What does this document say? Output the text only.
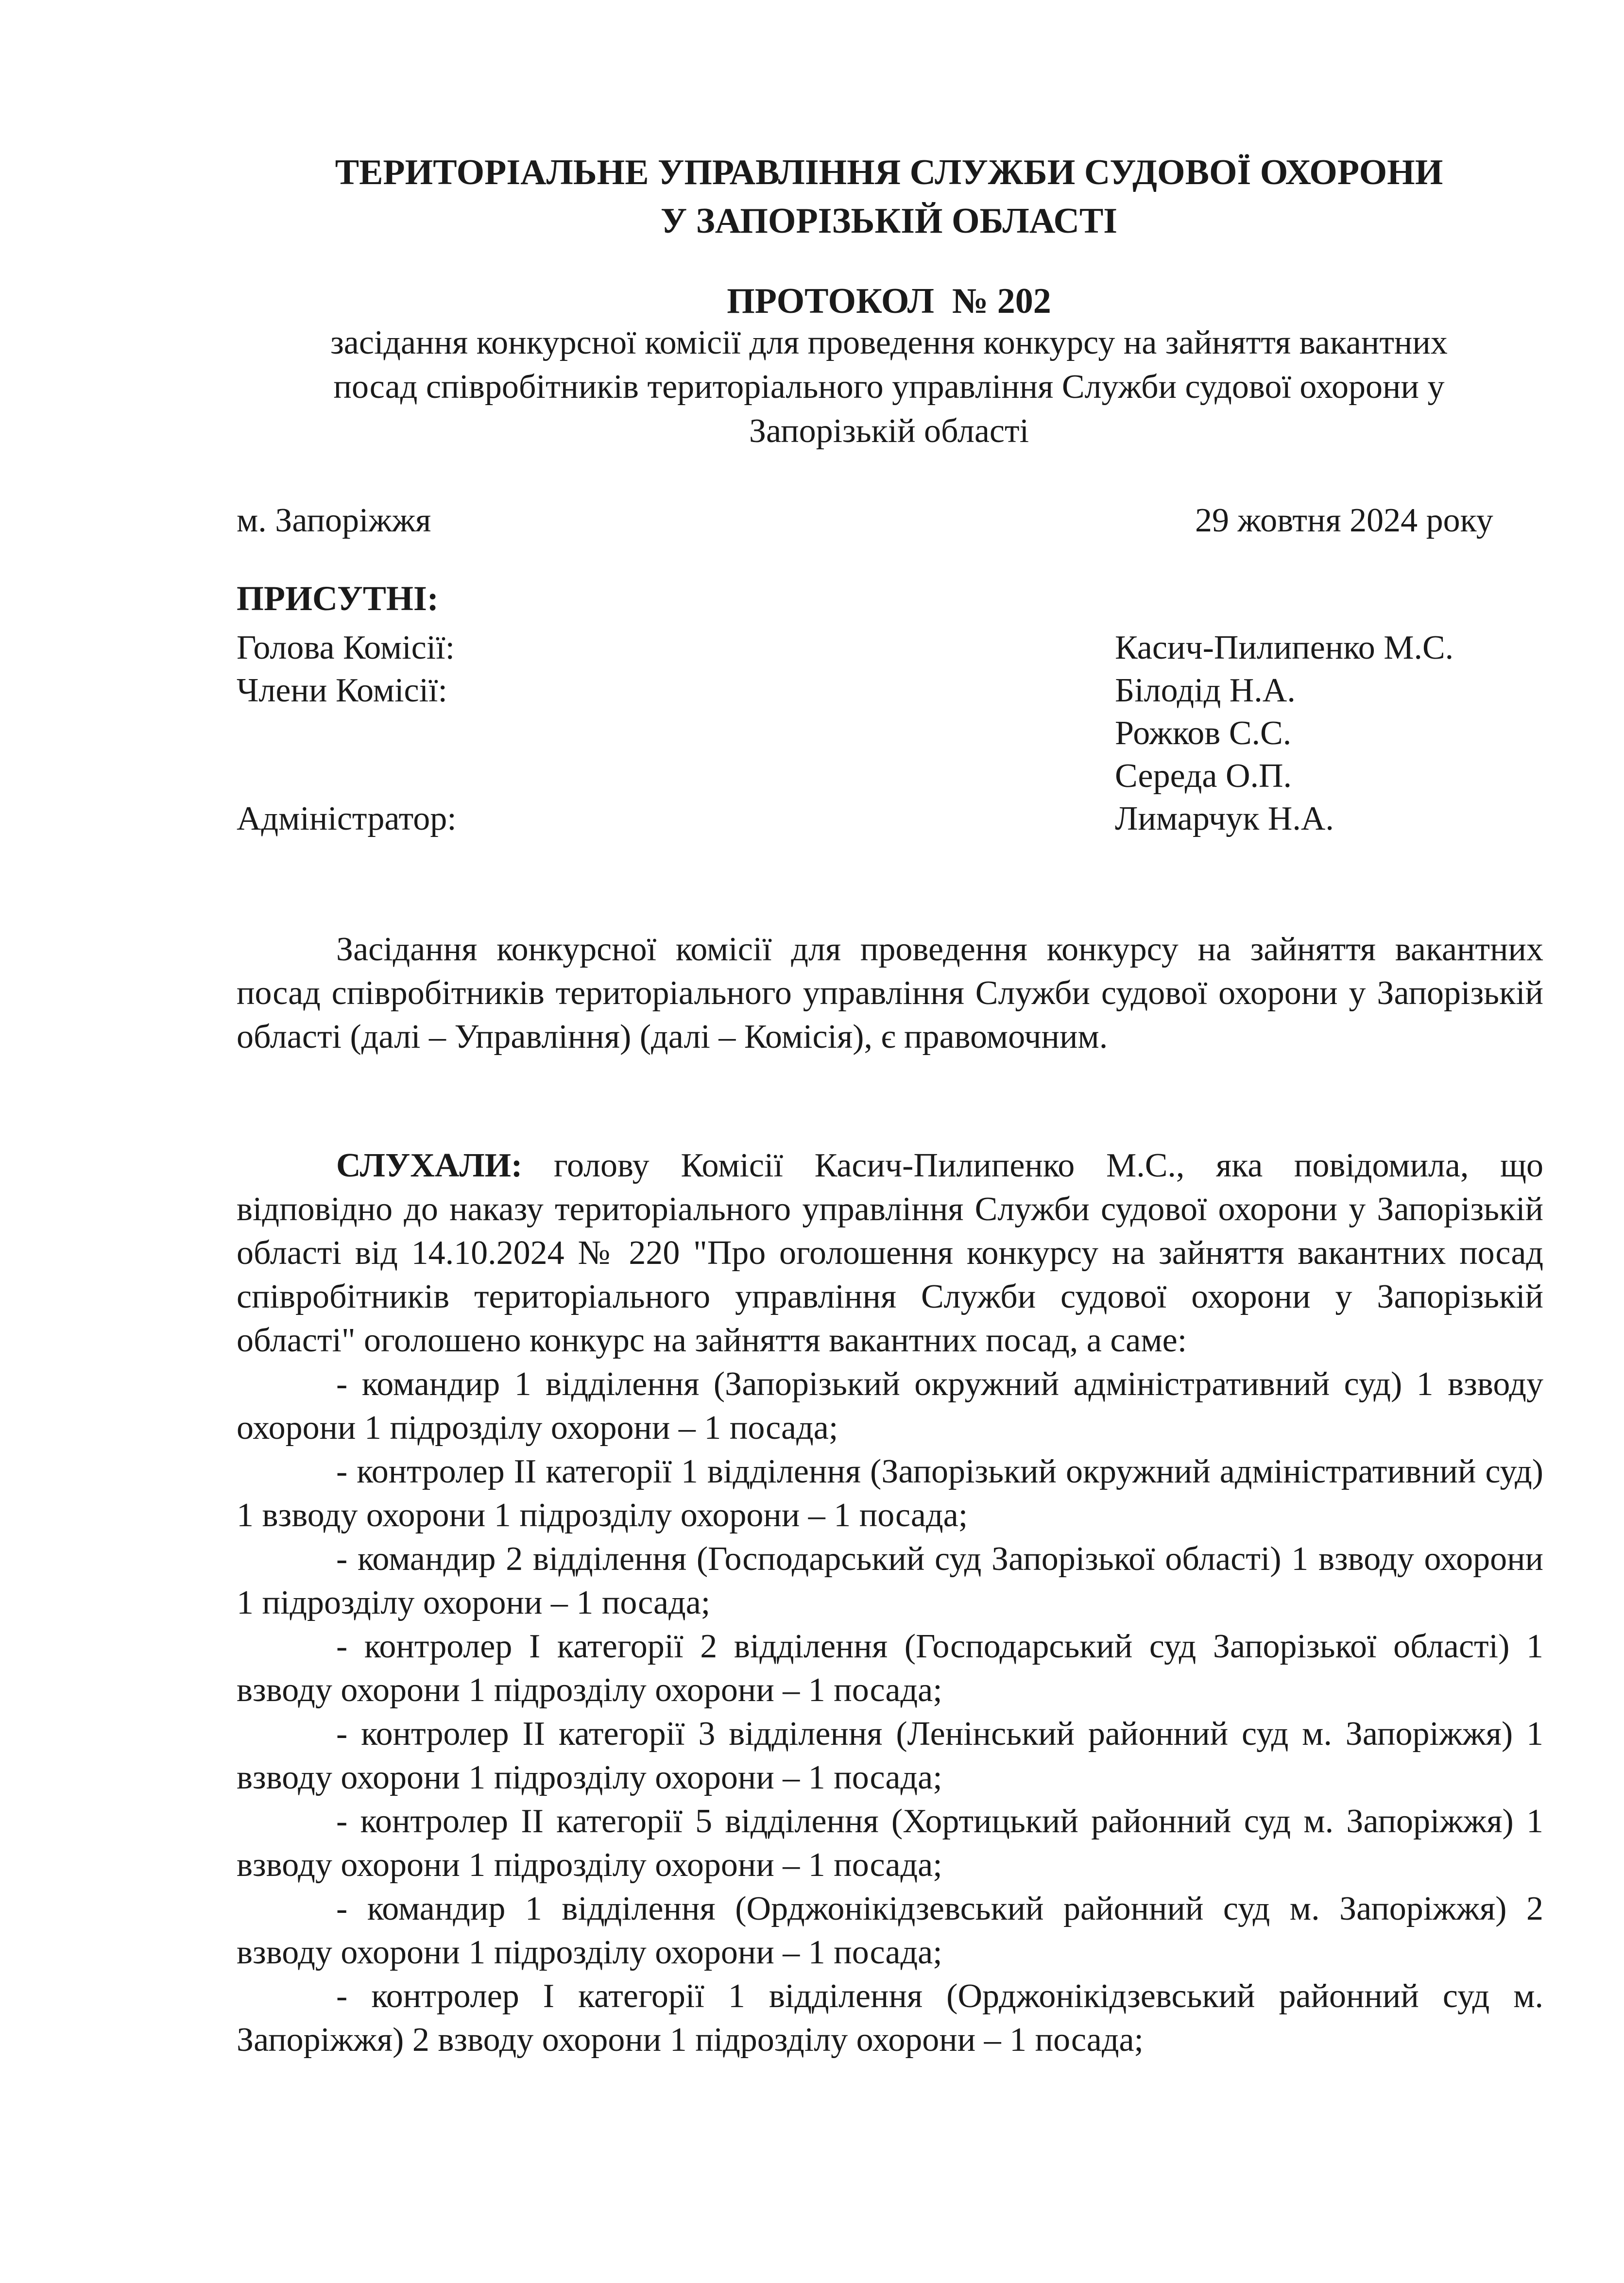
ТЕРИТОРІАЛЬНЕ УПРАВЛІННЯ СЛУЖБИ СУДОВОЇ ОХОРОНИ
У ЗАПОРІЗЬКІЙ ОБЛАСТІ
ПРОТОКОЛ  № 202
засідання конкурсної комісії для проведення конкурсу на зайняття вакантних
посад співробітників територіального управління Служби судової охорони у
Запорізькій області

м. Запоріжжя	29 жовтня 2024 року

ПРИСУТНІ:

Голова Комісії:	Касич-Пилипенко М.С.

Члени Комісії:	Білодід Н.А.

Рожков С.С.

Середа О.П.

Адміністратор:	Лимарчук Н.А.

Засідання конкурсної комісії для проведення конкурсу на зайняття вакантних посад співробітників територіального управління Служби судової охорони у Запорізькій області (далі – Управління) (далі – Комісія), є правомочним.

СЛУХАЛИ: голову Комісії Касич-Пилипенко М.С., яка повідомила, що відповідно до наказу територіального управління Служби судової охорони у Запорізькій області від 14.10.2024 № 220 "Про оголошення конкурсу на зайняття вакантних посад співробітників територіального управління Служби судової охорони у Запорізькій області" оголошено конкурс на зайняття вакантних посад, а саме:

- командир 1 відділення (Запорізький окружний адміністративний суд) 1 взводу охорони 1 підрозділу охорони – 1 посада;

- контролер ІІ категорії 1 відділення (Запорізький окружний адміністративний суд) 1 взводу охорони 1 підрозділу охорони – 1 посада;

- командир 2 відділення (Господарський суд Запорізької області) 1 взводу охорони 1 підрозділу охорони – 1 посада;

- контролер І категорії 2 відділення (Господарський суд Запорізької області) 1 взводу охорони 1 підрозділу охорони – 1 посада;

- контролер ІІ категорії 3 відділення (Ленінський районний суд м. Запоріжжя) 1 взводу охорони 1 підрозділу охорони – 1 посада;

- контролер ІІ категорії 5 відділення (Хортицький районний суд м. Запоріжжя) 1 взводу охорони 1 підрозділу охорони – 1 посада;

- командир 1 відділення (Орджонікідзевський районний суд м. Запоріжжя) 2 взводу охорони 1 підрозділу охорони – 1 посада;

- контролер І категорії 1 відділення (Орджонікідзевський районний суд м. Запоріжжя) 2 взводу охорони 1 підрозділу охорони – 1 посада;
